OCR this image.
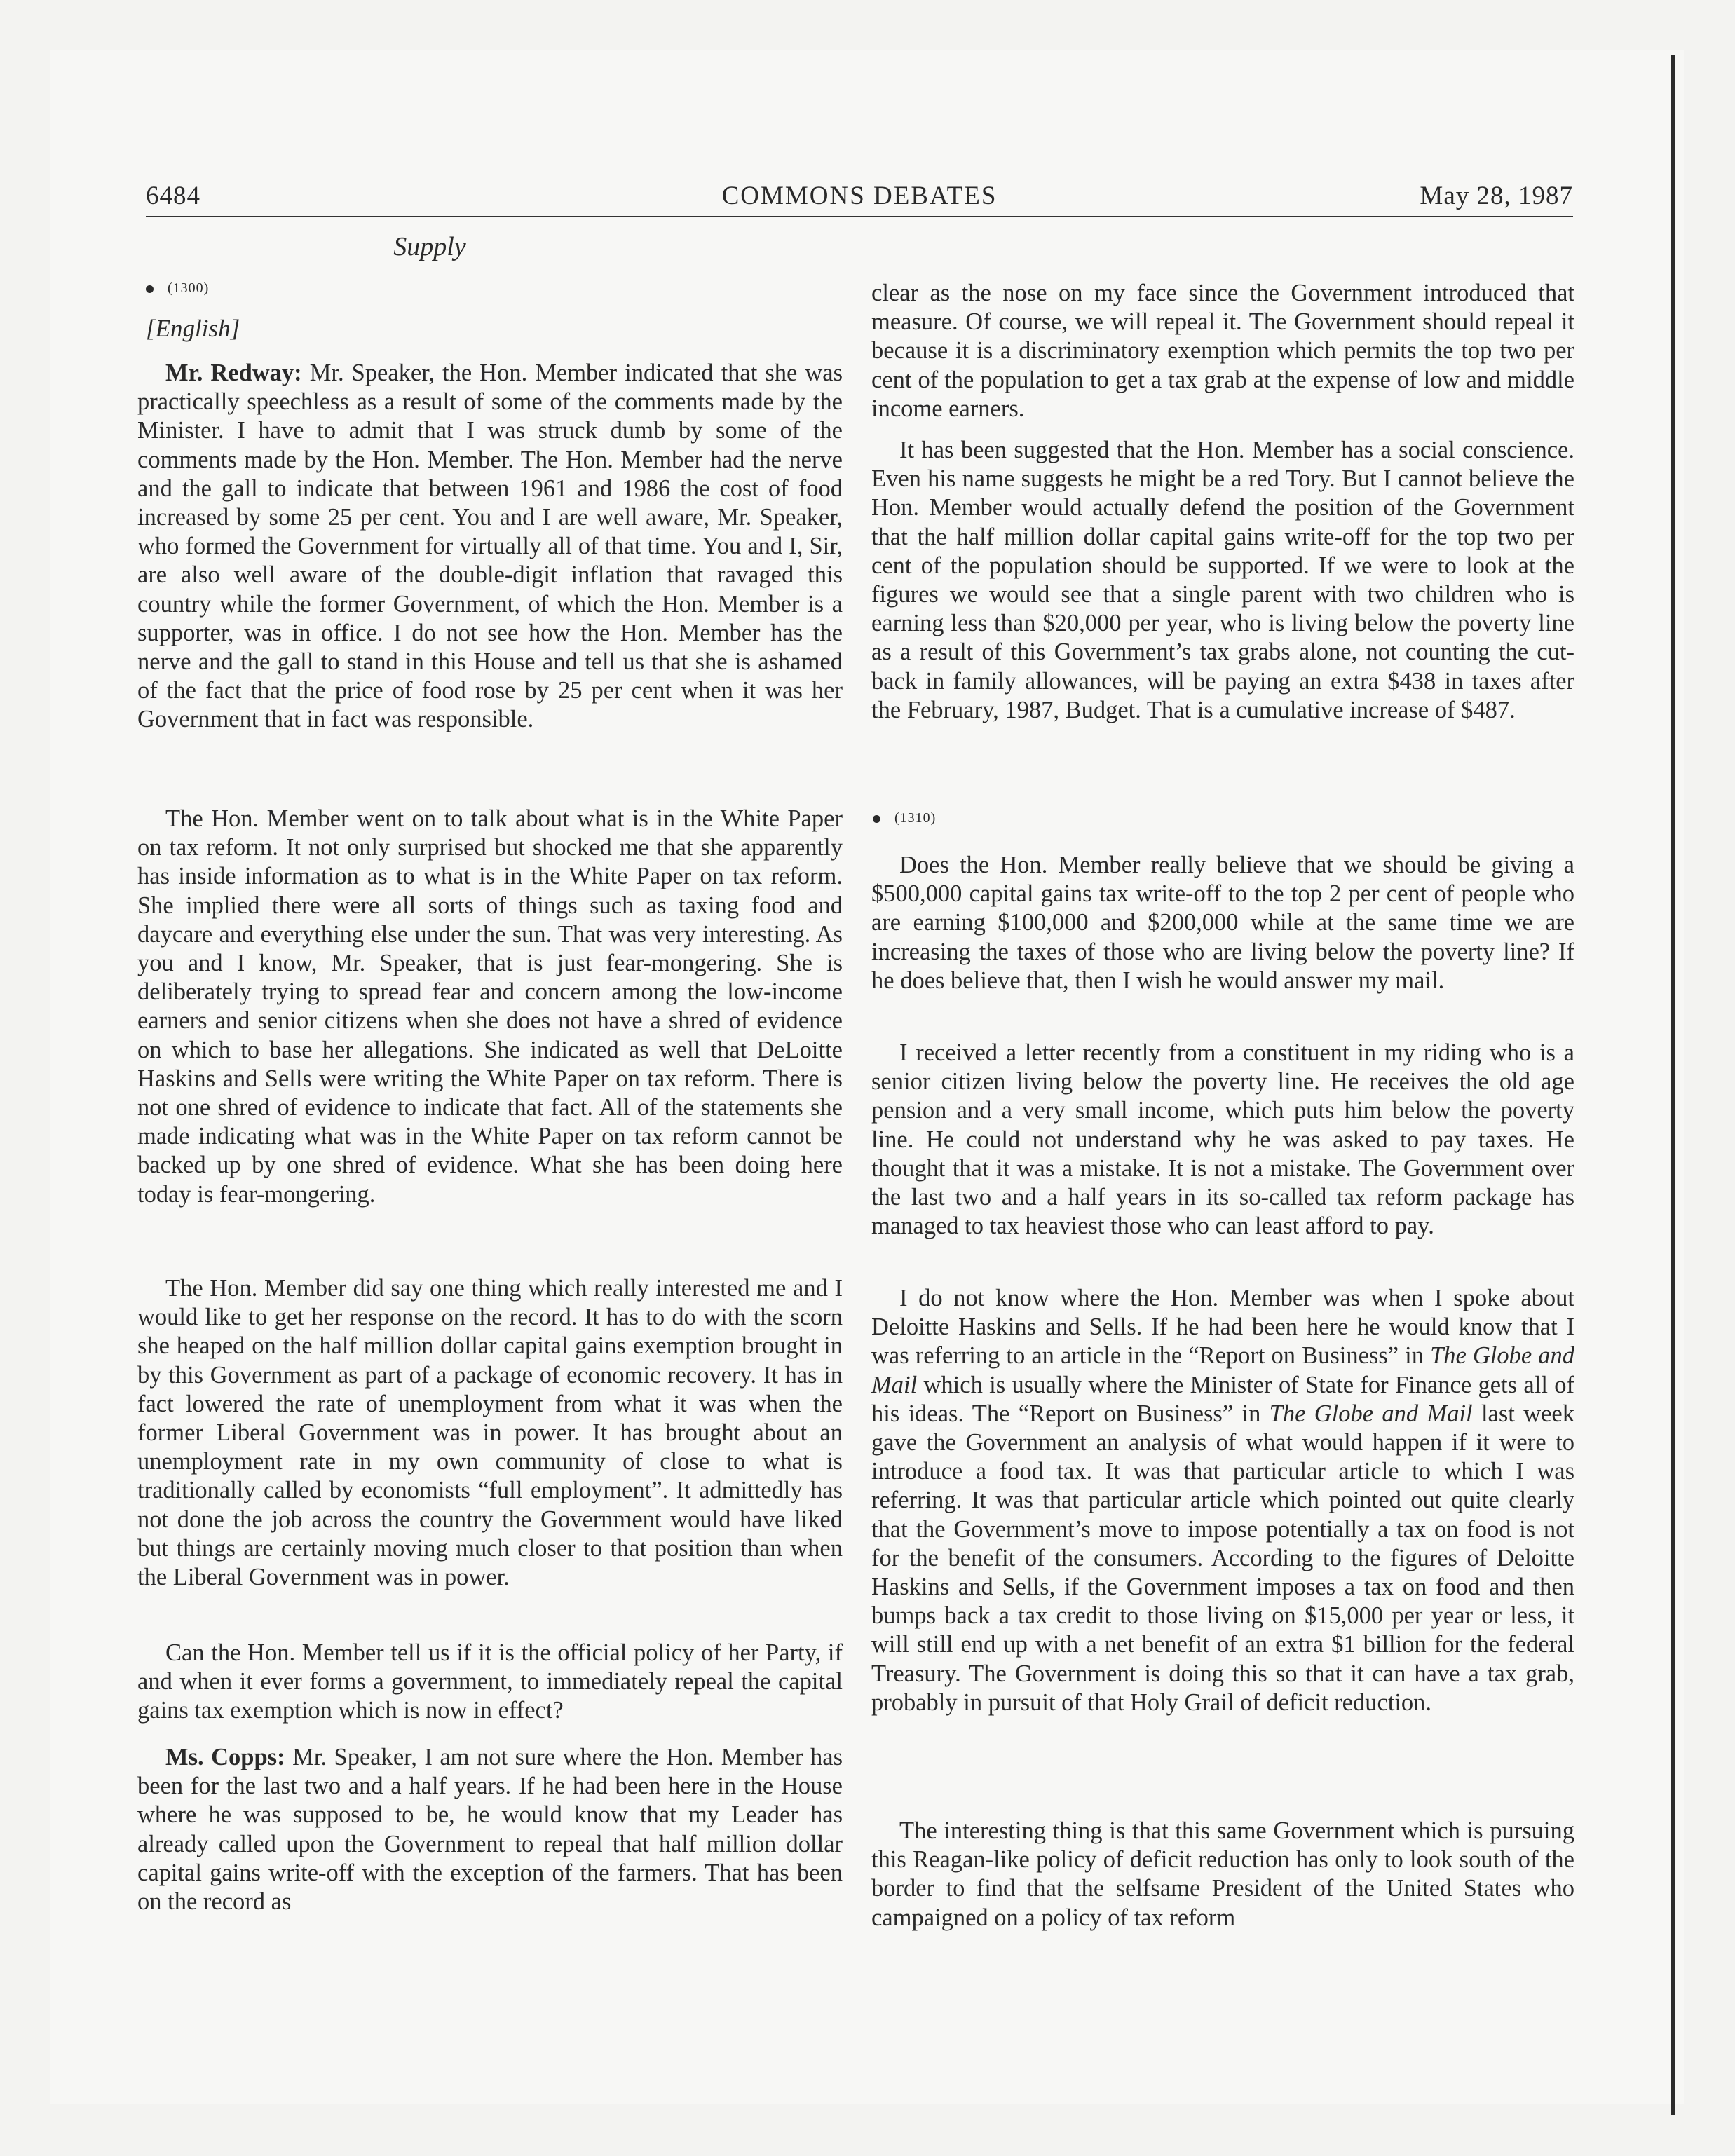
6484	COMMONS DEBATES	May 28, 1987
Supply
(1300)
[English]

Mr. Redway: Mr. Speaker, the Hon. Member indicated that she was practically speechless as a result of some of the comments made by the Minister. I have to admit that I was struck dumb by some of the comments made by the Hon. Member. The Hon. Member had the nerve and the gall to indicate that between 1961 and 1986 the cost of food increased by some 25 per cent. You and I are well aware, Mr. Speaker, who formed the Government for virtually all of that time. You and I, Sir, are also well aware of the double-digit inflation that ravaged this country while the former Government, of which the Hon. Member is a supporter, was in office. I do not see how the Hon. Member has the nerve and the gall to stand in this House and tell us that she is ashamed of the fact that the price of food rose by 25 per cent when it was her Government that in fact was responsible.

The Hon. Member went on to talk about what is in the White Paper on tax reform. It not only surprised but shocked me that she apparently has inside information as to what is in the White Paper on tax reform. She implied there were all sorts of things such as taxing food and daycare and everything else under the sun. That was very interesting. As you and I know, Mr. Speaker, that is just fear-mongering. She is deliberately trying to spread fear and concern among the low-income earners and senior citizens when she does not have a shred of evidence on which to base her allegations. She indicated as well that DeLoitte Haskins and Sells were writing the White Paper on tax reform. There is not one shred of evidence to indicate that fact. All of the statements she made indicating what was in the White Paper on tax reform cannot be backed up by one shred of evidence. What she has been doing here today is fear-mongering.

The Hon. Member did say one thing which really interested me and I would like to get her response on the record. It has to do with the scorn she heaped on the half million dollar capital gains exemption brought in by this Government as part of a package of economic recovery. It has in fact lowered the rate of unemployment from what it was when the former Liberal Government was in power. It has brought about an unemployment rate in my own community of close to what is traditionally called by economists “full employment”. It admittedly has not done the job across the country the Government would have liked but things are certainly moving much closer to that position than when the Liberal Government was in power.

Can the Hon. Member tell us if it is the official policy of her Party, if and when it ever forms a government, to immediately repeal the capital gains tax exemption which is now in effect?

Ms. Copps: Mr. Speaker, I am not sure where the Hon. Member has been for the last two and a half years. If he had been here in the House where he was supposed to be, he would know that my Leader has already called upon the Government to repeal that half million dollar capital gains write-off with the exception of the farmers. That has been on the record as

clear as the nose on my face since the Government introduced that measure. Of course, we will repeal it. The Government should repeal it because it is a discriminatory exemption which permits the top two per cent of the population to get a tax grab at the expense of low and middle income earners.

It has been suggested that the Hon. Member has a social conscience. Even his name suggests he might be a red Tory. But I cannot believe the Hon. Member would actually defend the position of the Government that the half million dollar capital gains write-off for the top two per cent of the population should be supported. If we were to look at the figures we would see that a single parent with two children who is earning less than $20,000 per year, who is living below the poverty line as a result of this Government’s tax grabs alone, not counting the cut-back in family allowances, will be paying an extra $438 in taxes after the February, 1987, Budget. That is a cumulative increase of $487.

(1310)

Does the Hon. Member really believe that we should be giving a $500,000 capital gains tax write-off to the top 2 per cent of people who are earning $100,000 and $200,000 while at the same time we are increasing the taxes of those who are living below the poverty line? If he does believe that, then I wish he would answer my mail.

I received a letter recently from a constituent in my riding who is a senior citizen living below the poverty line. He receives the old age pension and a very small income, which puts him below the poverty line. He could not understand why he was asked to pay taxes. He thought that it was a mistake. It is not a mistake. The Government over the last two and a half years in its so-called tax reform package has managed to tax heaviest those who can least afford to pay.

I do not know where the Hon. Member was when I spoke about Deloitte Haskins and Sells. If he had been here he would know that I was referring to an article in the “Report on Business” in The Globe and Mail which is usually where the Minister of State for Finance gets all of his ideas. The “Report on Business” in The Globe and Mail last week gave the Government an analysis of what would happen if it were to introduce a food tax. It was that particular article to which I was referring. It was that particular article which pointed out quite clearly that the Government’s move to impose potentially a tax on food is not for the benefit of the consumers. According to the figures of Deloitte Haskins and Sells, if the Government imposes a tax on food and then bumps back a tax credit to those living on $15,000 per year or less, it will still end up with a net benefit of an extra $1 billion for the federal Treasury. The Government is doing this so that it can have a tax grab, probably in pursuit of that Holy Grail of deficit reduction.

The interesting thing is that this same Government which is pursuing this Reagan-like policy of deficit reduction has only to look south of the border to find that the selfsame President of the United States who campaigned on a policy of tax reform
